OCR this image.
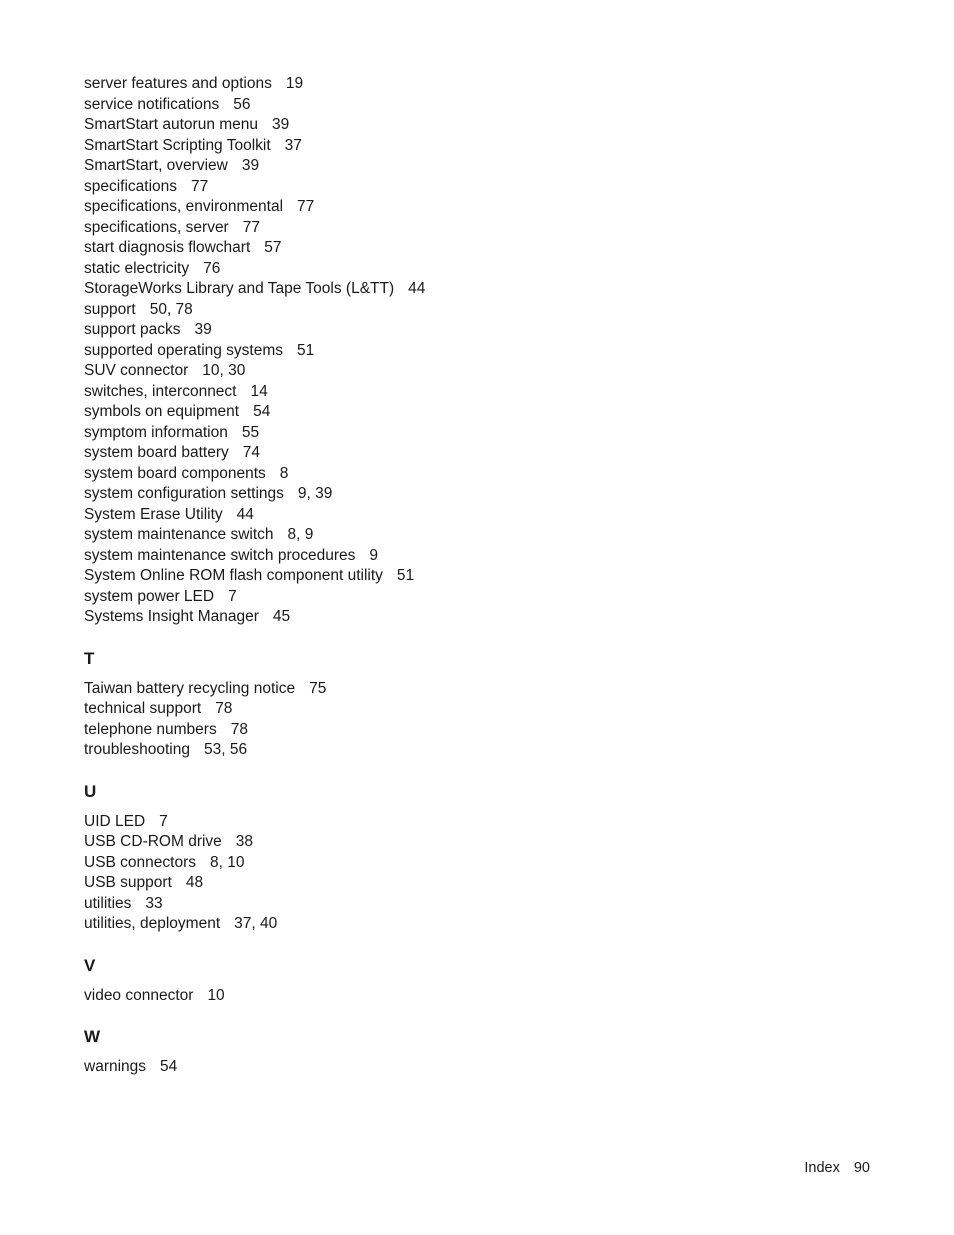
server features and options 19
service notifications 56
SmartStart autorun menu 39
SmartStart Scripting Toolkit 37
SmartStart, overview 39
specifications 77
specifications, environmental 77
specifications, server 77
start diagnosis flowchart 57
static electricity 76
StorageWorks Library and Tape Tools (L&TT) 44
support 50, 78
support packs 39
supported operating systems 51
SUV connector 10, 30
switches, interconnect 14
symbols on equipment 54
symptom information 55
system board battery 74
system board components 8
system configuration settings 9, 39
System Erase Utility 44
system maintenance switch 8, 9
system maintenance switch procedures 9
System Online ROM flash component utility 51
system power LED 7
Systems Insight Manager 45
T
Taiwan battery recycling notice 75
technical support 78
telephone numbers 78
troubleshooting 53, 56
U
UID LED 7
USB CD-ROM drive 38
USB connectors 8, 10
USB support 48
utilities 33
utilities, deployment 37, 40
V
video connector 10
W
warnings 54
Index 90
